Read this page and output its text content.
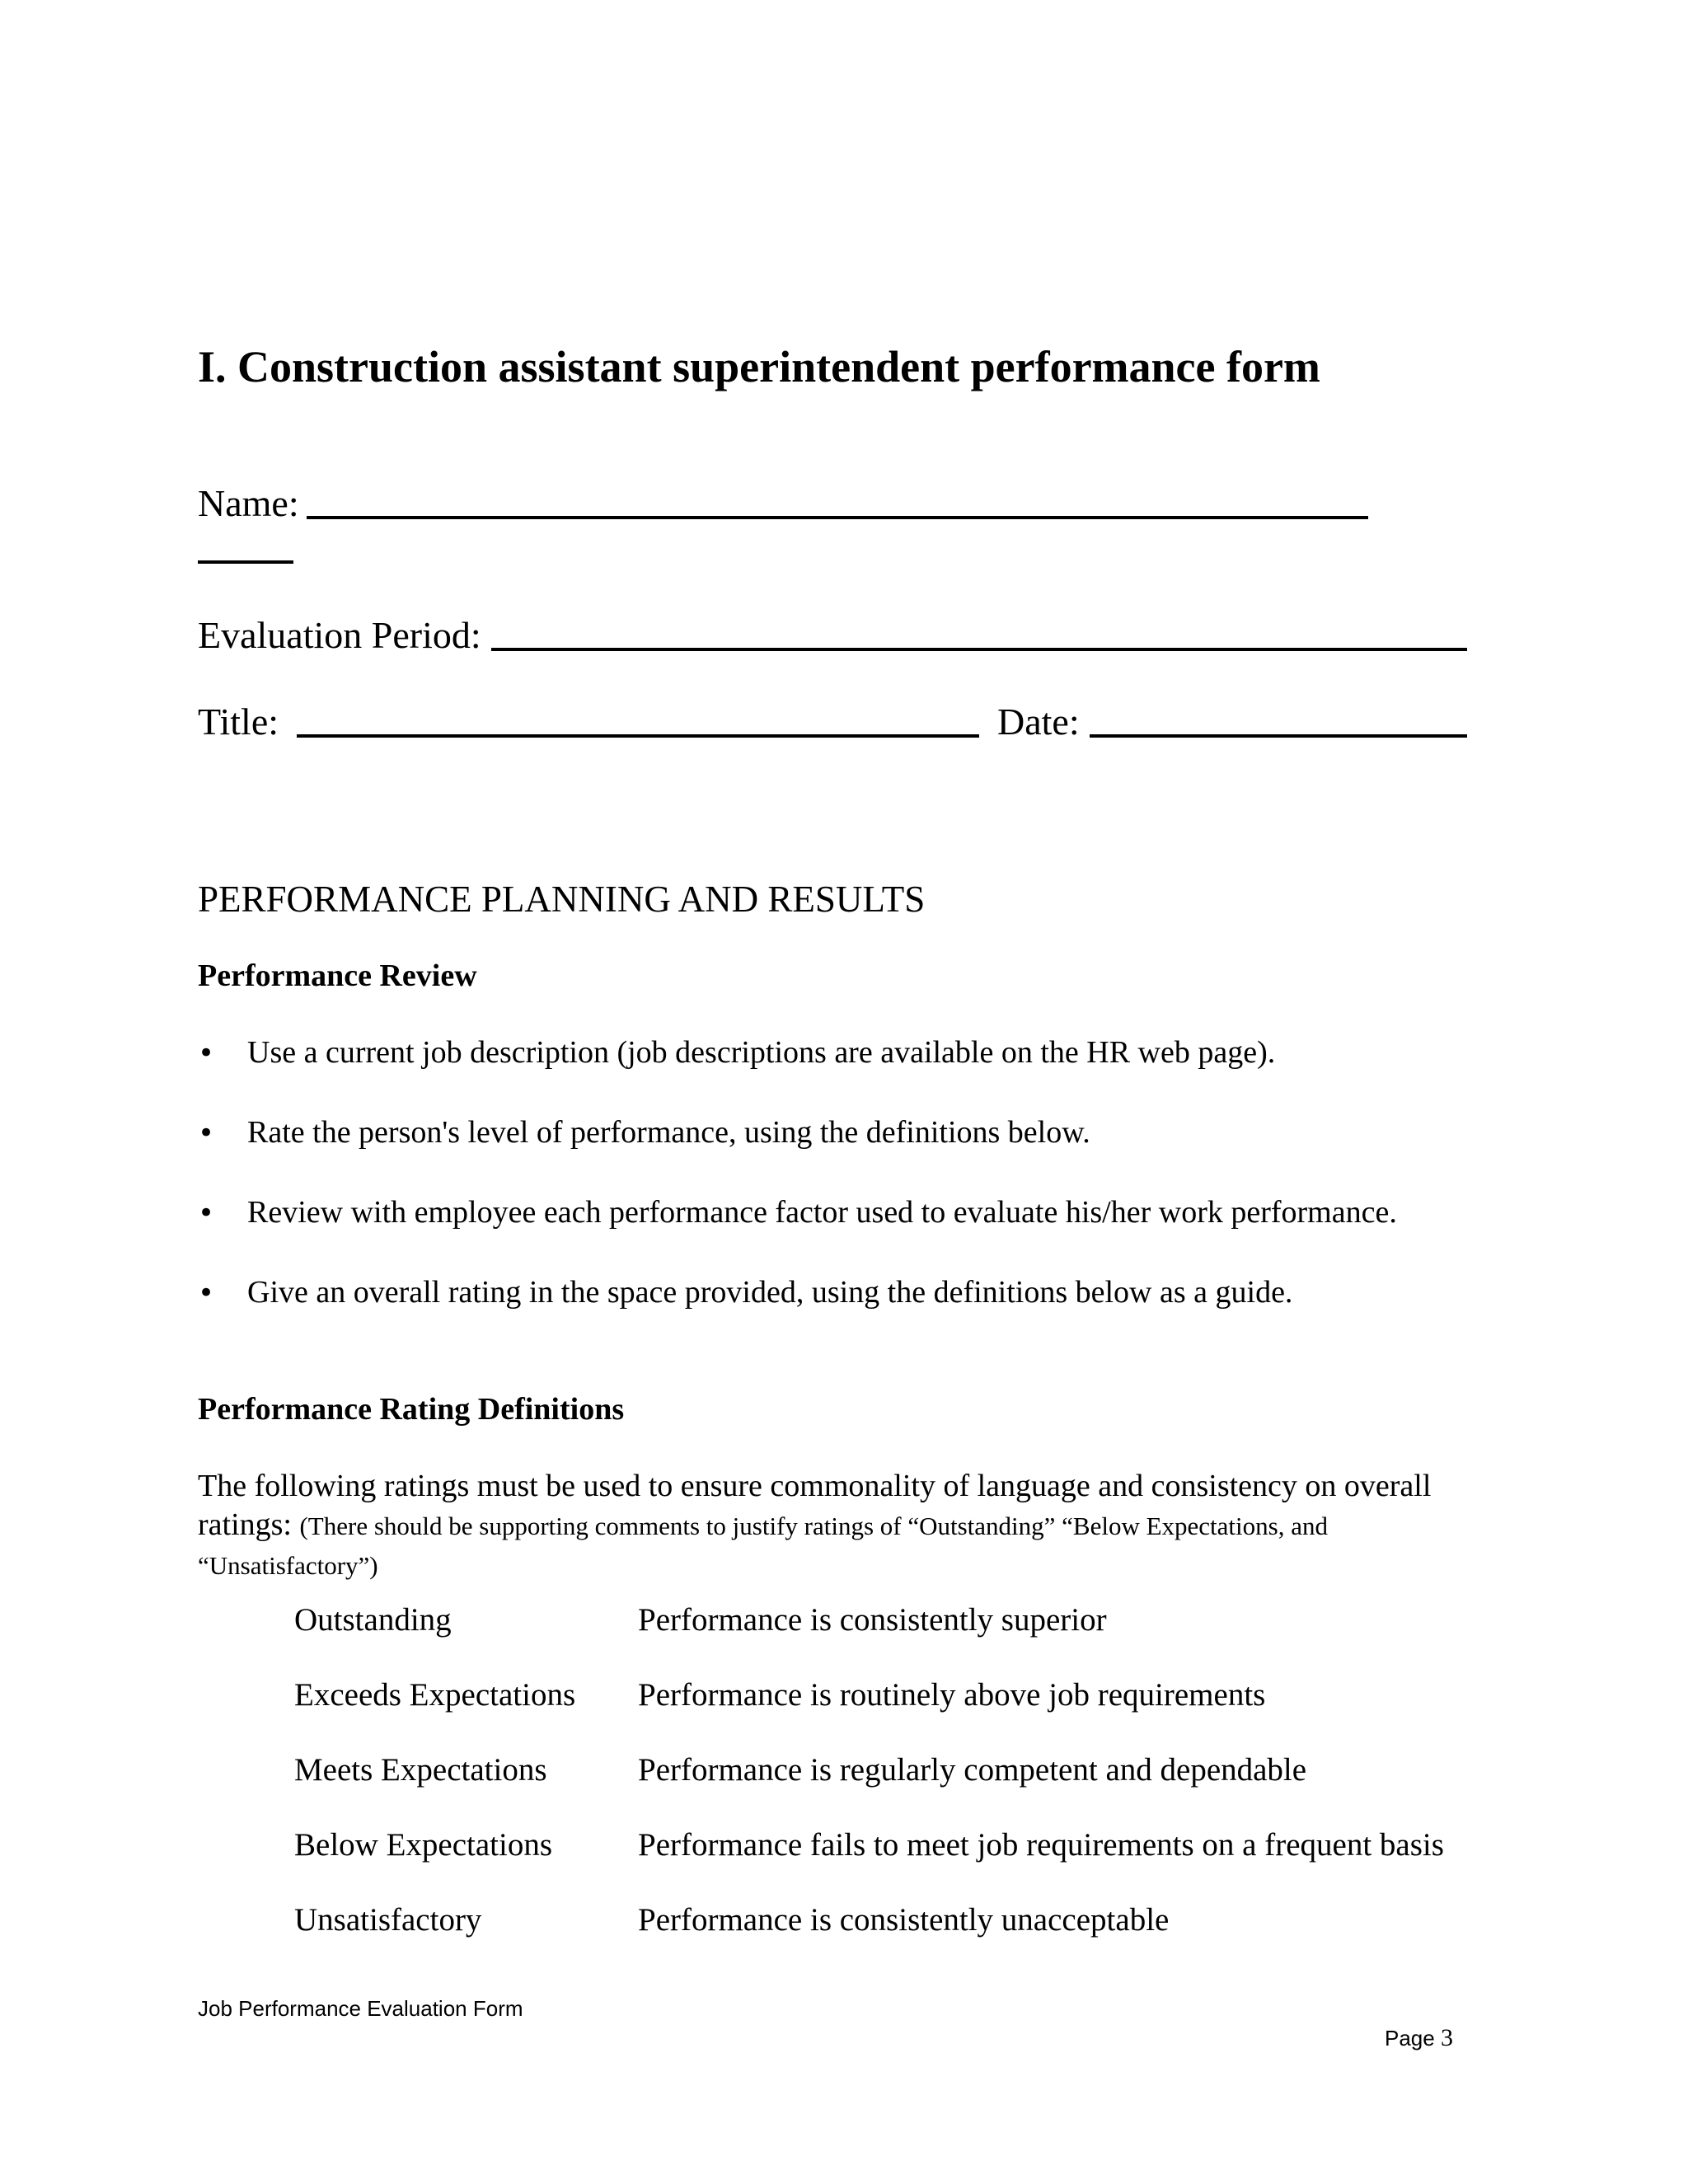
I. Construction assistant superintendent performance form
Name:
Evaluation Period:
Title:	Date:
PERFORMANCE PLANNING AND RESULTS
Performance Review
• Use a current job description (job descriptions are available on the HR web page).
• Rate the person's level of performance, using the definitions below.
• Review with employee each performance factor used to evaluate his/her work performance.
• Give an overall rating in the space provided, using the definitions below as a guide.
Performance Rating Definitions
The following ratings must be used to ensure commonality of language and consistency on overall ratings: (There should be supporting comments to justify ratings of “Outstanding” “Below Expectations, and “Unsatisfactory”)
Outstanding	Performance is consistently superior
Exceeds Expectations Performance is routinely above job requirements
Meets Expectations	Performance is regularly competent and dependable
Below Expectations	Performance fails to meet job requirements on a frequent basis
Unsatisfactory	Performance is consistently unacceptable
Job Performance Evaluation Form
Page 3
